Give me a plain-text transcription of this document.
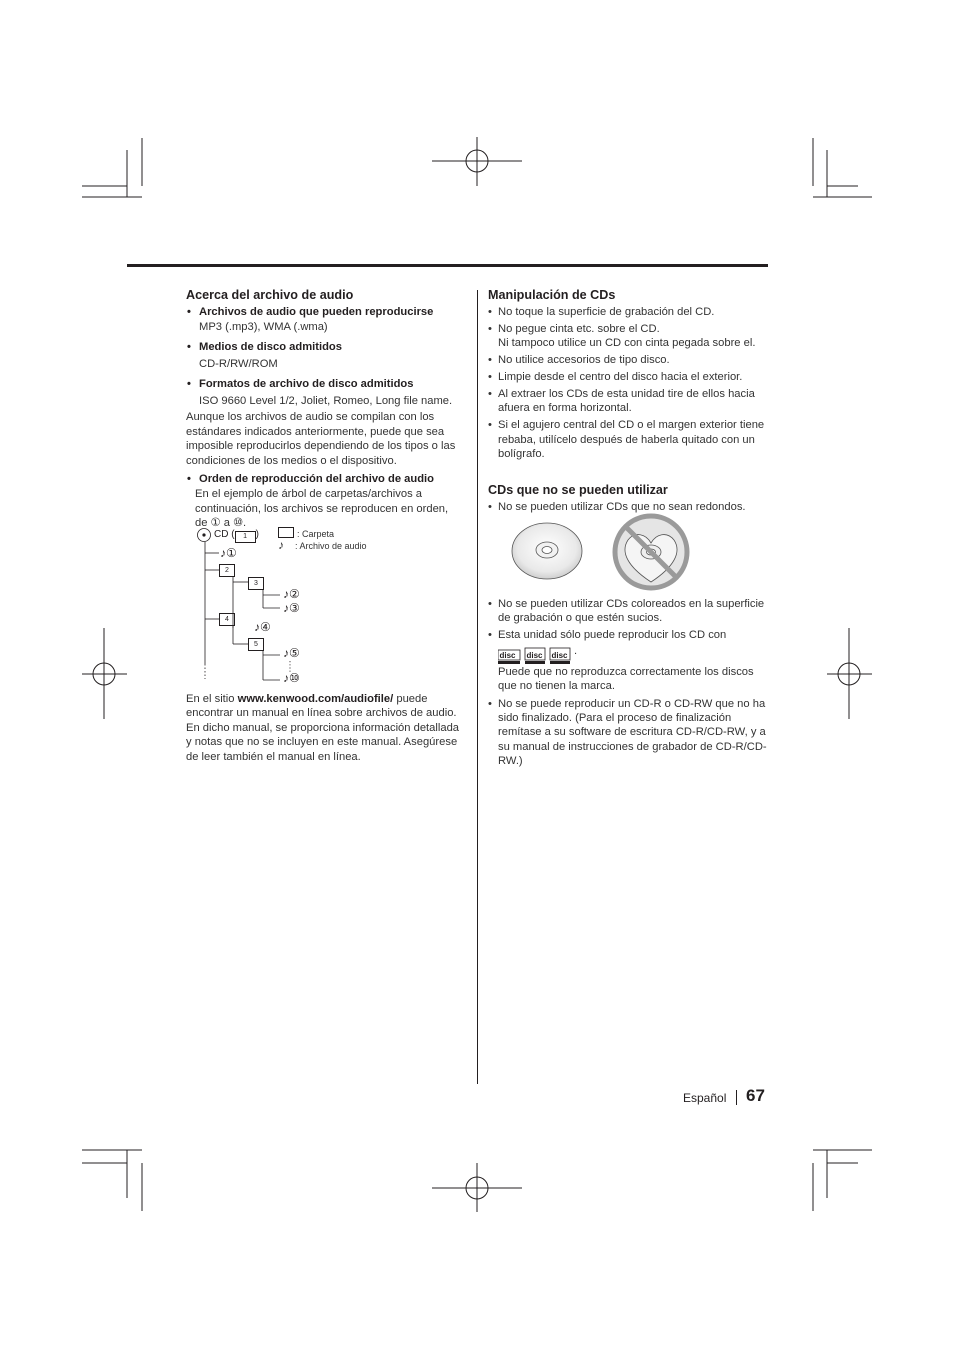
Acerca del archivo de audio
• Archivos de audio que pueden reproducirse
MP3 (.mp3), WMA (.wma)
• Medios de disco admitidos
CD-R/RW/ROM
• Formatos de archivo de disco admitidos
ISO 9660 Level 1/2, Joliet, Romeo, Long file name.

Aunque los archivos de audio se compilan con los estándares indicados anteriormente, puede que sea imposible reproducirlos dependiendo de los tipos o las condiciones de los medios o el dispositivo.

• Orden de reproducción del archivo de audio
En el ejemplo de árbol de carpetas/archivos a continuación, los archivos se reproducen en orden, de ① a ⑩.
CD ( 1 )	: Carpeta
♪ : Archivo de audio
♪①
2
3
♪②
♪③
4
♪④
5
♪⑤
♪⑩
En el sitio www.kenwood.com/audiofile/ puede encontrar un manual en línea sobre archivos de audio. En dicho manual, se proporciona información detallada y notas que no se incluyen en este manual. Asegúrese de leer también el manual en línea.
Manipulación de CDs
• No toque la superficie de grabación del CD.
• No pegue cinta etc. sobre el CD.
Ni tampoco utilice un CD con cinta pegada sobre el.
• No utilice accesorios de tipo disco.
• Limpie desde el centro del disco hacia el exterior.
• Al extraer los CDs de esta unidad tire de ellos hacia afuera en forma horizontal.
• Si el agujero central del CD o el margen exterior tiene rebaba, utilícelo después de haberla quitado con un bolígrafo.
CDs que no se pueden utilizar
• No se pueden utilizar CDs que no sean redondos.
• No se pueden utilizar CDs coloreados en la superficie de grabación o que estén sucios.
• Esta unidad sólo puede reproducir los CD con
disc disc disc .
Puede que no reproduzca correctamente los discos que no tienen la marca.
• No se puede reproducir un CD-R o CD-RW que no ha sido finalizado. (Para el proceso de finalización remítase a su software de escritura CD-R/CD-RW, y a su manual de instrucciones de grabador de CD-R/CD-RW.)
Español 67
